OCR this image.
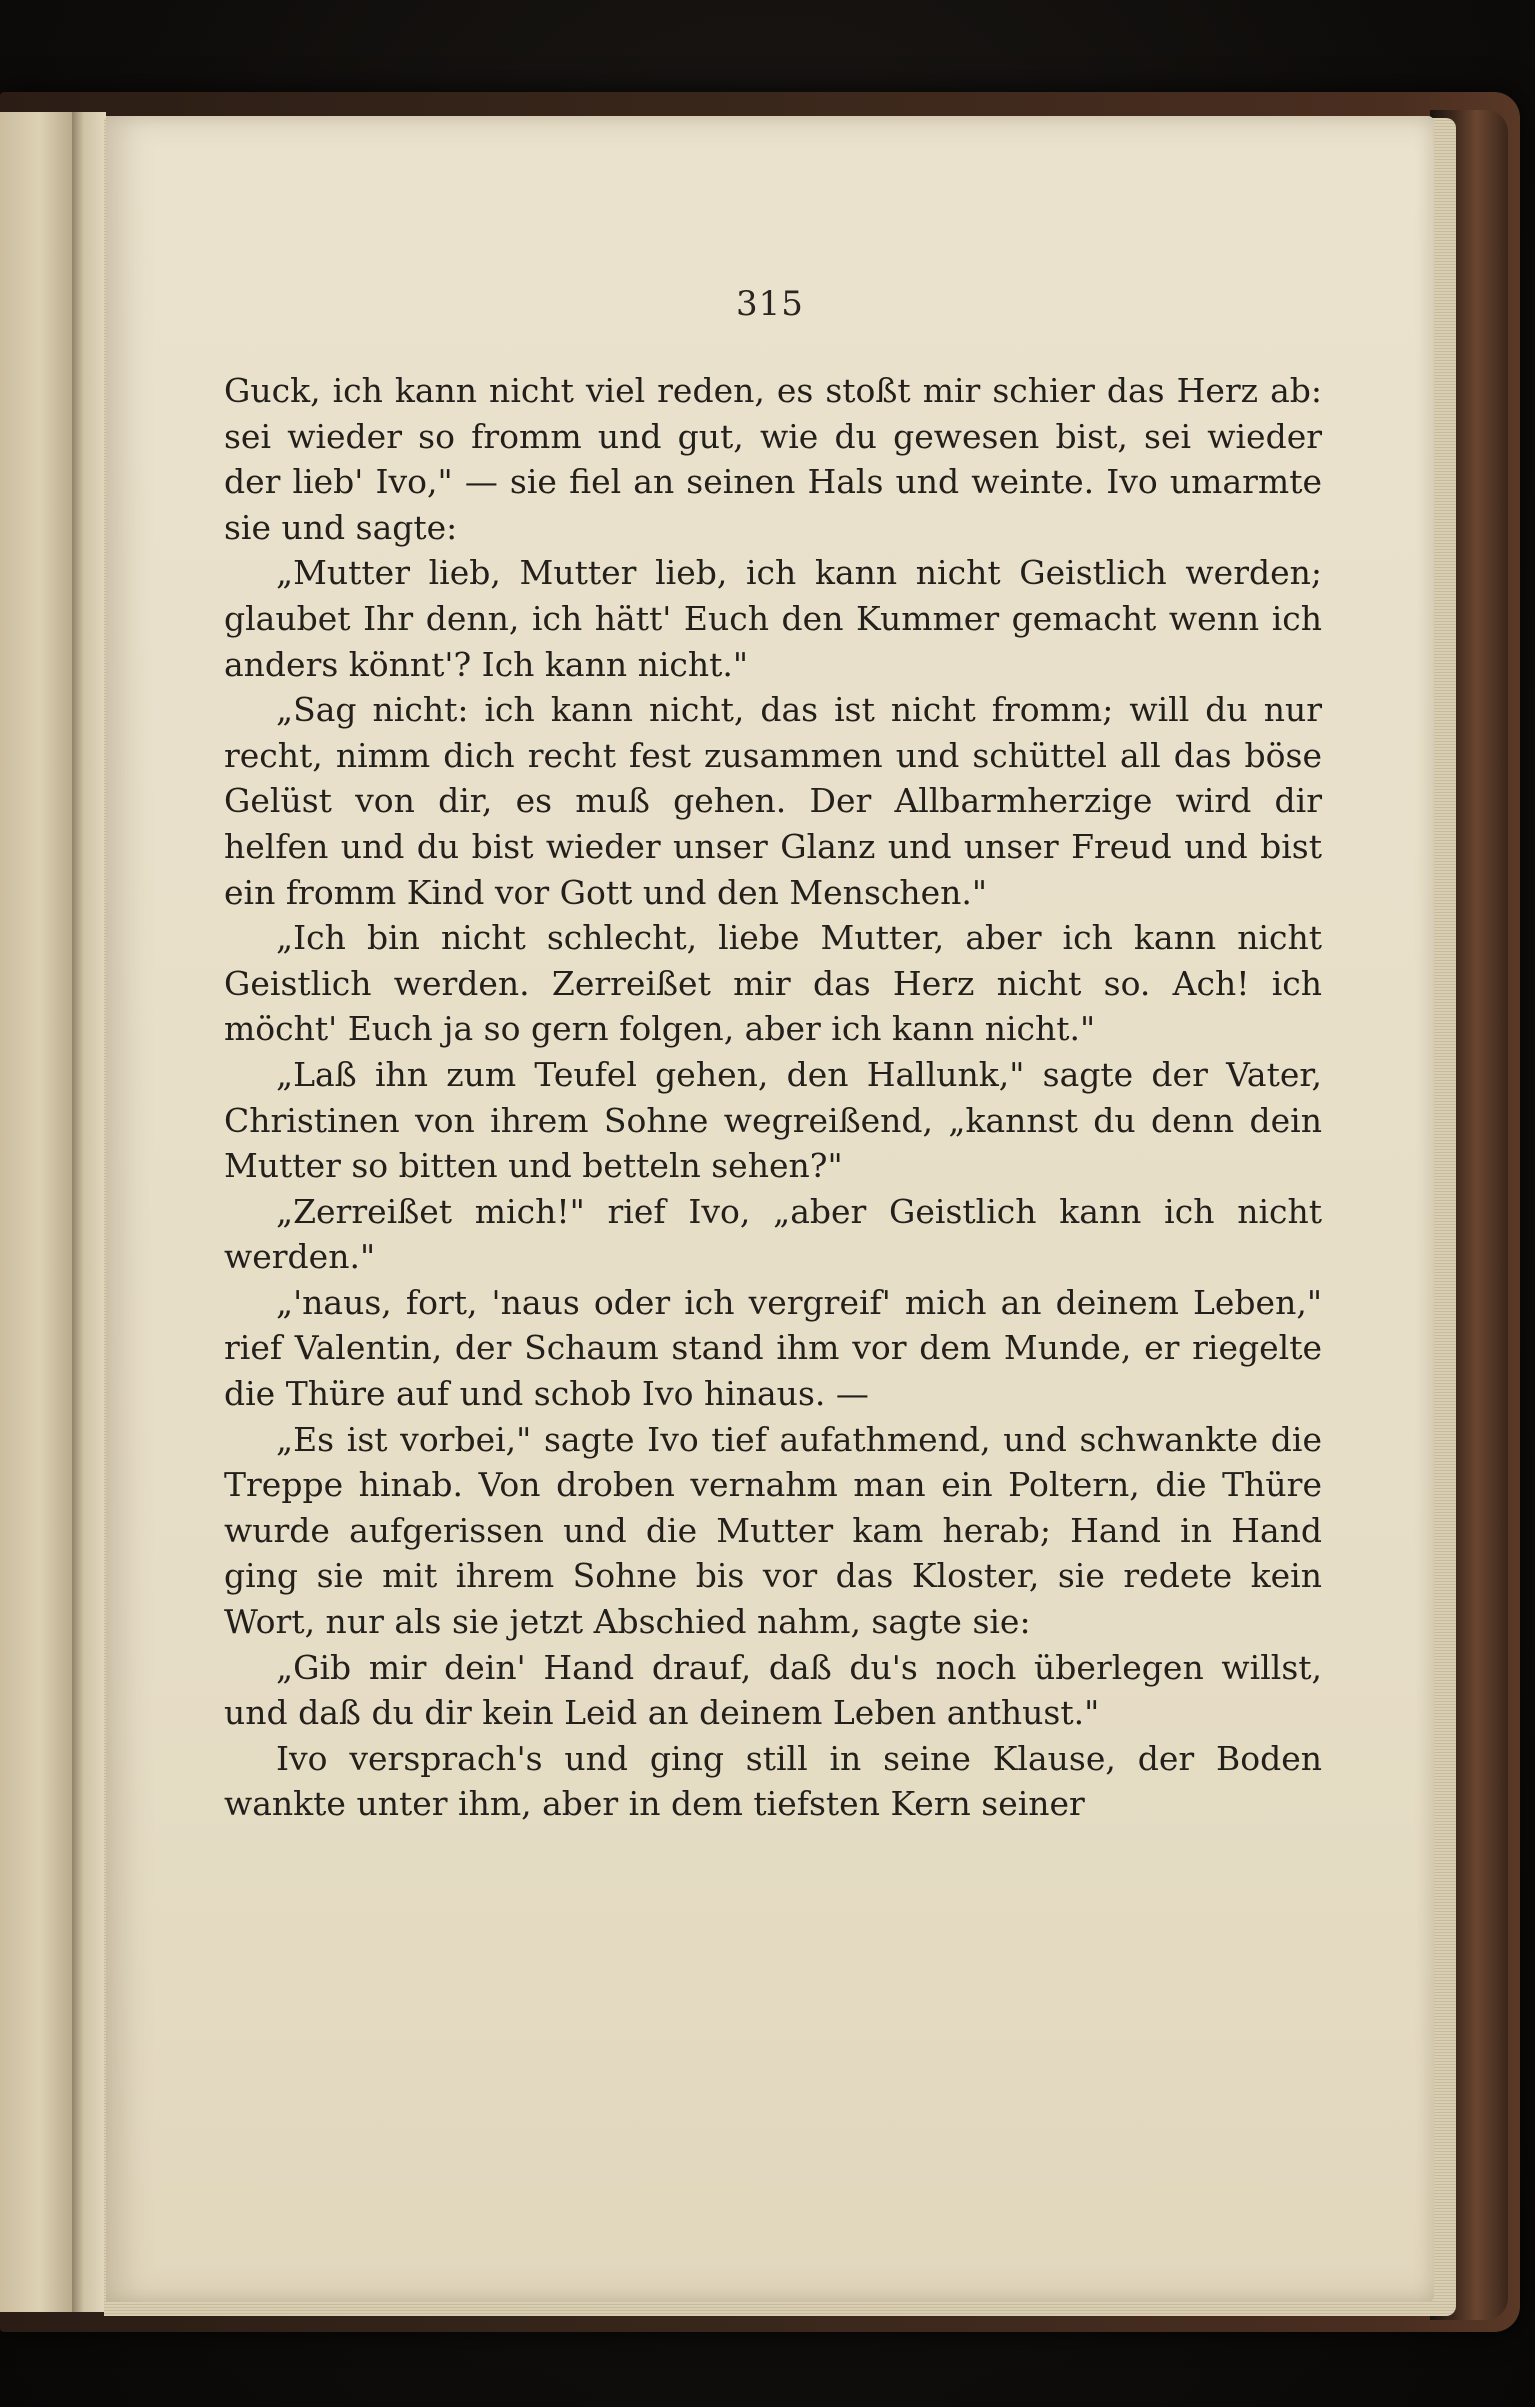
315

Guck, ich kann nicht viel reden, es stoßt mir schier das Herz ab: sei wieder so fromm und gut, wie du gewesen bist, sei wieder der lieb' Ivo," — sie fiel an seinen Hals und weinte. Ivo umarmte sie und sagte:

„Mutter lieb, Mutter lieb, ich kann nicht Geistlich werden; glaubet Ihr denn, ich hätt' Euch den Kummer gemacht wenn ich anders könnt'? Ich kann nicht."

„Sag nicht: ich kann nicht, das ist nicht fromm; will du nur recht, nimm dich recht fest zusammen und schüttel all das böse Gelüst von dir, es muß gehen. Der Allbarmherzige wird dir helfen und du bist wieder unser Glanz und unser Freud und bist ein fromm Kind vor Gott und den Menschen."

„Ich bin nicht schlecht, liebe Mutter, aber ich kann nicht Geistlich werden. Zerreißet mir das Herz nicht so. Ach! ich möcht' Euch ja so gern folgen, aber ich kann nicht."

„Laß ihn zum Teufel gehen, den Hallunk," sagte der Vater, Christinen von ihrem Sohne wegreißend, „kannst du denn dein Mutter so bitten und betteln sehen?"

„Zerreißet mich!" rief Ivo, „aber Geistlich kann ich nicht werden."

„'naus, fort, 'naus oder ich vergreif' mich an deinem Leben," rief Valentin, der Schaum stand ihm vor dem Munde, er riegelte die Thüre auf und schob Ivo hinaus. —

„Es ist vorbei," sagte Ivo tief aufathmend, und schwankte die Treppe hinab. Von droben vernahm man ein Poltern, die Thüre wurde aufgerissen und die Mutter kam herab; Hand in Hand ging sie mit ihrem Sohne bis vor das Kloster, sie redete kein Wort, nur als sie jetzt Abschied nahm, sagte sie:

„Gib mir dein' Hand drauf, daß du's noch überlegen willst, und daß du dir kein Leid an deinem Leben anthust."

Ivo versprach's und ging still in seine Klause, der Boden wankte unter ihm, aber in dem tiefsten Kern seiner
